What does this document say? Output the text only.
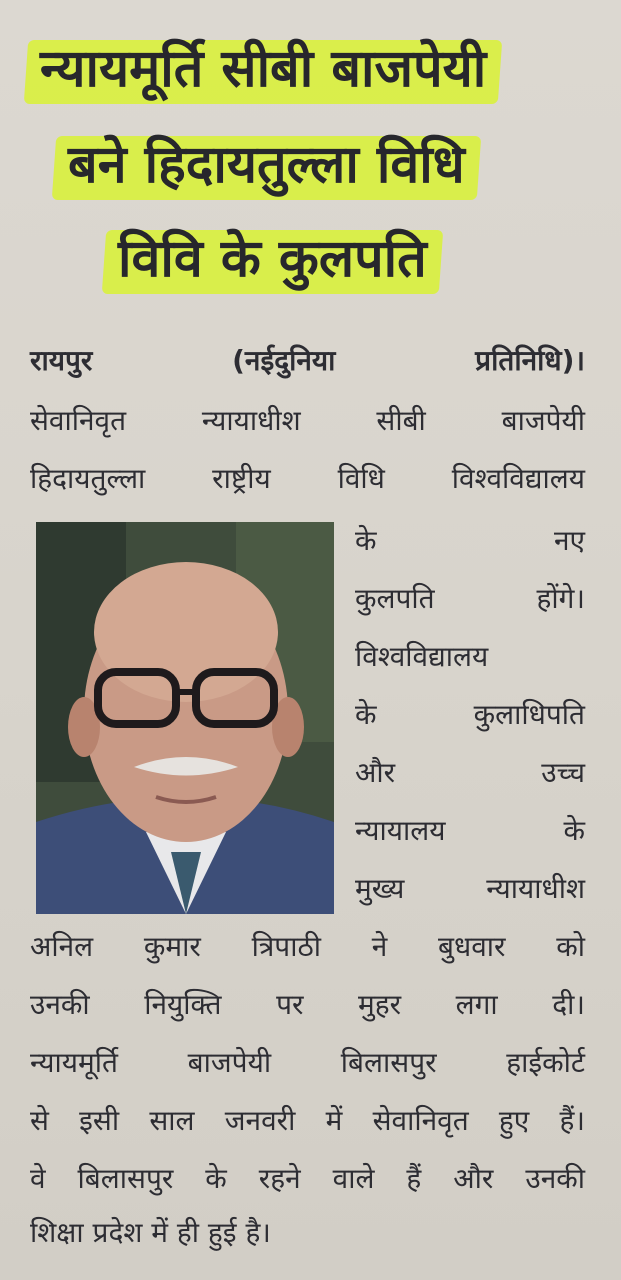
न्यायमूर्ति सीबी बाजपेयी
बने हिदायतुल्ला विधि
विवि के कुलपति
रायपुर (नईदुनिया प्रतिनिधि)।
सेवानिवृत न्यायाधीश सीबी बाजपेयी
हिदायतुल्ला राष्ट्रीय विधि विश्वविद्यालय
के नए
कुलपति होंगे।
विश्वविद्यालय
के कुलाधिपति
और उच्च
न्यायालय के
मुख्य न्यायाधीश
अनिल कुमार त्रिपाठी ने बुधवार को
उनकी नियुक्ति पर मुहर लगा दी।
न्यायमूर्ति बाजपेयी बिलासपुर हाईकोर्ट
से इसी साल जनवरी में सेवानिवृत हुए हैं।
वे बिलासपुर के रहने वाले हैं और उनकी
शिक्षा प्रदेश में ही हुई है।
